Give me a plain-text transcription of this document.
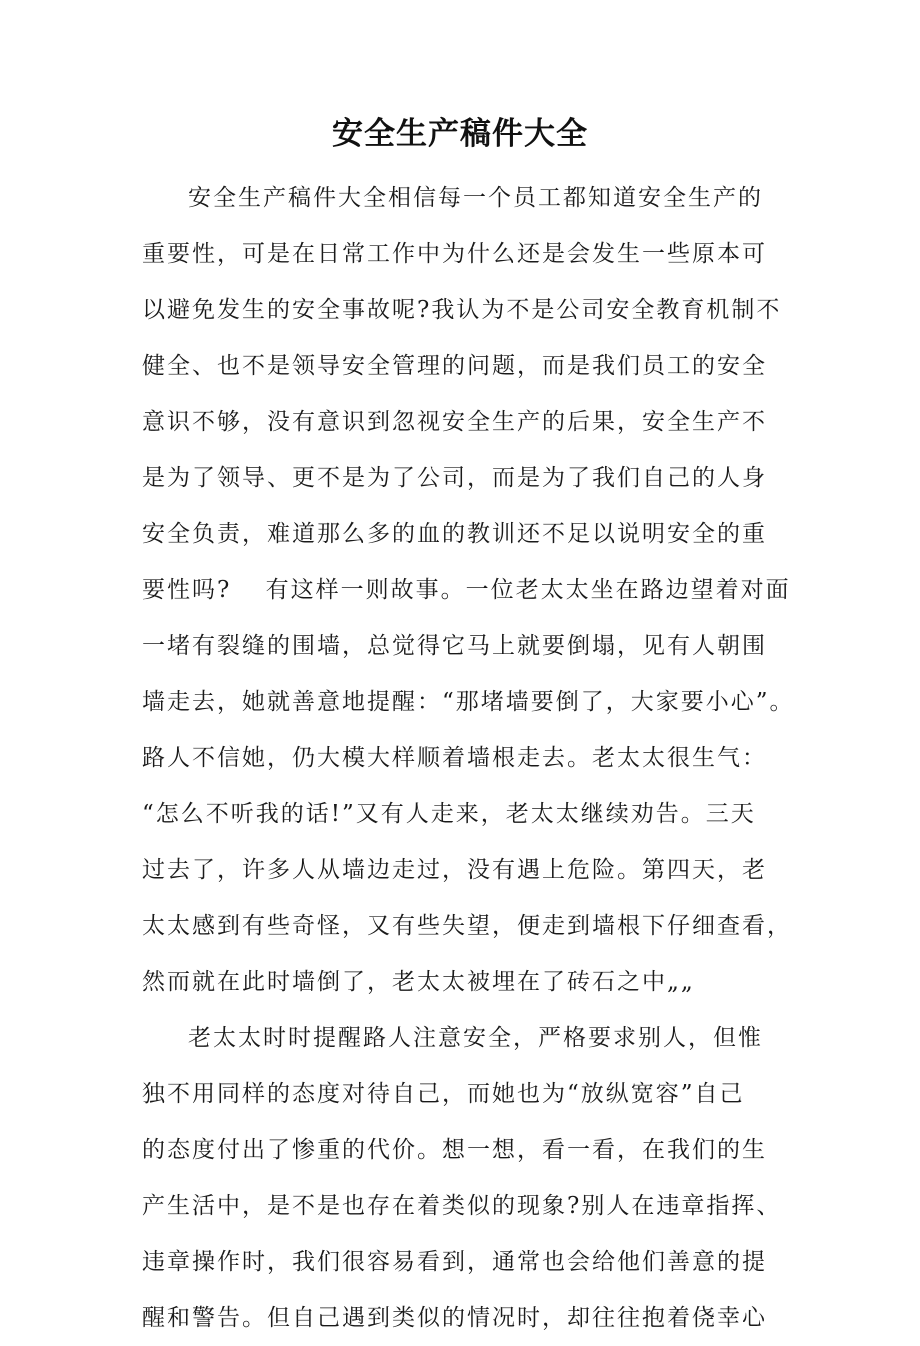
安全生产稿件大全
安全生产稿件大全相信每一个员工都知道安全生产的
重要性，可是在日常工作中为什么还是会发生一些原本可
以避免发生的安全事故呢?我认为不是公司安全教育机制不
健全、也不是领导安全管理的问题，而是我们员工的安全
意识不够，没有意识到忽视安全生产的后果，安全生产不
是为了领导、更不是为了公司，而是为了我们自己的人身
安全负责，难道那么多的血的教训还不足以说明安全的重
要性吗?　 有这样一则故事。一位老太太坐在路边望着对面
一堵有裂缝的围墙，总觉得它马上就要倒塌，见有人朝围
墙走去，她就善意地提醒：“那堵墙要倒了，大家要小心”。
路人不信她，仍大模大样顺着墙根走去。老太太很生气：
“怎么不听我的话!”又有人走来，老太太继续劝告。三天
过去了，许多人从墙边走过，没有遇上危险。第四天，老
太太感到有些奇怪，又有些失望，便走到墙根下仔细查看，
然而就在此时墙倒了，老太太被埋在了砖石之中„„
老太太时时提醒路人注意安全，严格要求别人，但惟
独不用同样的态度对待自己，而她也为“放纵宽容”自己
的态度付出了惨重的代价。想一想，看一看，在我们的生
产生活中，是不是也存在着类似的现象?别人在违章指挥、
违章操作时，我们很容易看到，通常也会给他们善意的提
醒和警告。但自己遇到类似的情况时，却往往抱着侥幸心
